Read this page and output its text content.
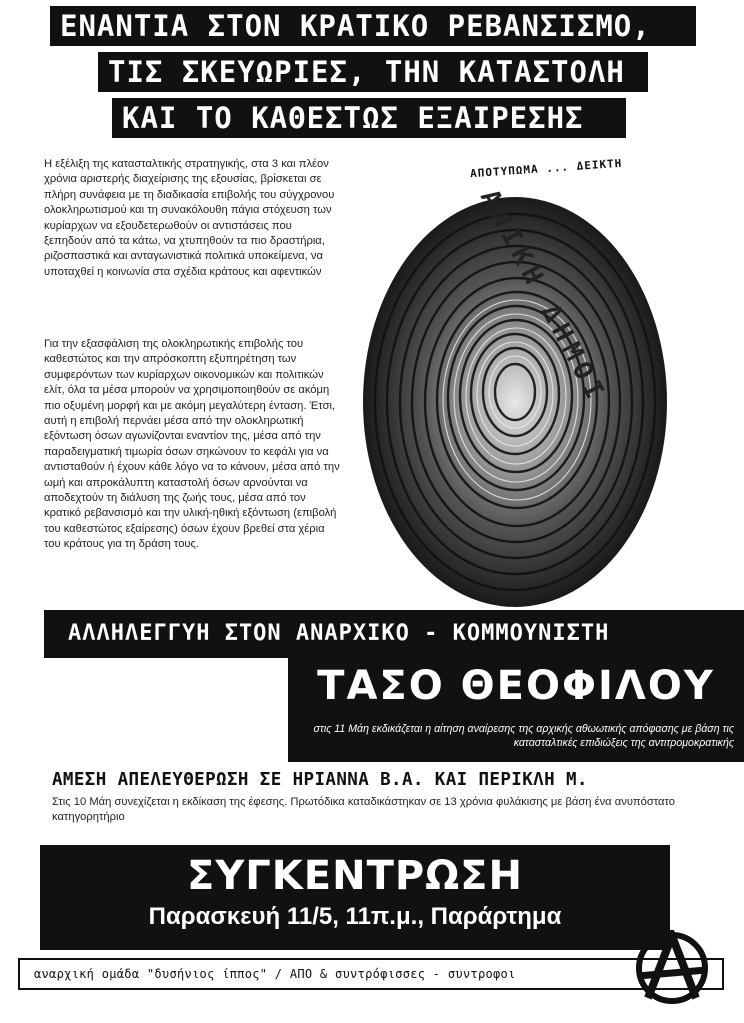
ΕΝΑΝΤΙΑ ΣΤΟΝ ΚΡΑΤΙΚΟ ΡΕΒΑΝΣΙΣΜΟ,
ΤΙΣ ΣΚΕΥΩΡΙΕΣ, ΤΗΝ ΚΑΤΑΣΤΟΛΗ
ΚΑΙ ΤΟ ΚΑΘΕΣΤΩΣ ΕΞΑΙΡΕΣΗΣ

Η εξέλιξη της κατασταλτικής στρατηγικής, στα 3 και πλέον χρόνια αριστερής διαχείρισης της εξουσίας, βρίσκεται σε πλήρη συνάφεια με τη διαδικασία επιβολής του σύγχρονου ολοκληρωτισμού και τη συνακόλουθη πάγια στόχευση των κυρίαρχων να εξουδετερωθούν οι αντιστάσεις που ξεπηδούν από τα κάτω, να χτυπηθούν τα πιο δραστήρια, ριζοσπαστικά και ανταγωνιστικά πολιτικά υποκείμενα, να υποταχθεί η κοινωνία στα σχέδια κράτους και αφεντικών

Για την εξασφάλιση της ολοκληρωτικής επιβολής του καθεστώτος και την απρόσκοπτη εξυπηρέτηση των συμφερόντων των κυρίαρχων οικονομικών και πολιτικών ελίτ, όλα τα μέσα μπορούν να χρησιμοποιηθούν σε ακόμη πιο οξυμένη μορφή και με ακόμη μεγαλύτερη ένταση. Έτσι, αυτή η επιβολή περνάει μέσα από την ολοκληρωτική εξόντωση όσων αγωνίζονται εναντίον της, μέσα από την παραδειγματική τιμωρία όσων σηκώνουν το κεφάλι για να αντισταθούν ή έχουν κάθε λόγο να το κάνουν, μέσα από την ωμή και απροκάλυπτη καταστολή όσων αρνούνται να αποδεχτούν τη διάλυση της ζωής τους, μέσα από τον κρατικό ρεβανσισμό και την υλική-ηθική εξόντωση (επιβολή του καθεστώτος εξαίρεσης) όσων έχουν βρεθεί στα χέρια του κράτους για τη δράση τους.

ΑΠΟΤΥΠΩΜΑ ... ΔΕΙΚΤΗ
ΑΝΙΚΗ ΔΗΜΟΙ
ΑΛΛΗΛΕΓΓΥΗ ΣΤΟΝ ΑΝΑΡΧΙΚΟ - ΚΟΜΜΟΥΝΙΣΤΗ
ΤΑΣΟ ΘΕΟΦΙΛΟΥ
στις 11 Μάη εκδικάζεται η αίτηση αναίρεσης της αρχικής αθωωτικής απόφασης με βάση τις κατασταλτικές επιδιώξεις της αντιτρομοκρατικής
ΑΜΕΣΗ ΑΠΕΛΕΥΘΕΡΩΣΗ ΣΕ ΗΡΙΑΝΝΑ Β.Α. ΚΑΙ ΠΕΡΙΚΛΗ Μ.
Στις 10 Μάη συνεχίζεται η εκδίκαση της έφεσης. Πρωτόδικα καταδικάστηκαν σε 13 χρόνια φυλάκισης με βάση ένα ανυπόστατο κατηγορητήριο
ΣΥΓΚΕΝΤΡΩΣΗ
Παρασκευή 11/5, 11π.μ., Παράρτημα
αναρχική ομάδα "δυσήνιος ίππος" / ΑΠΟ & συντρόφισσες - συντροφοι
